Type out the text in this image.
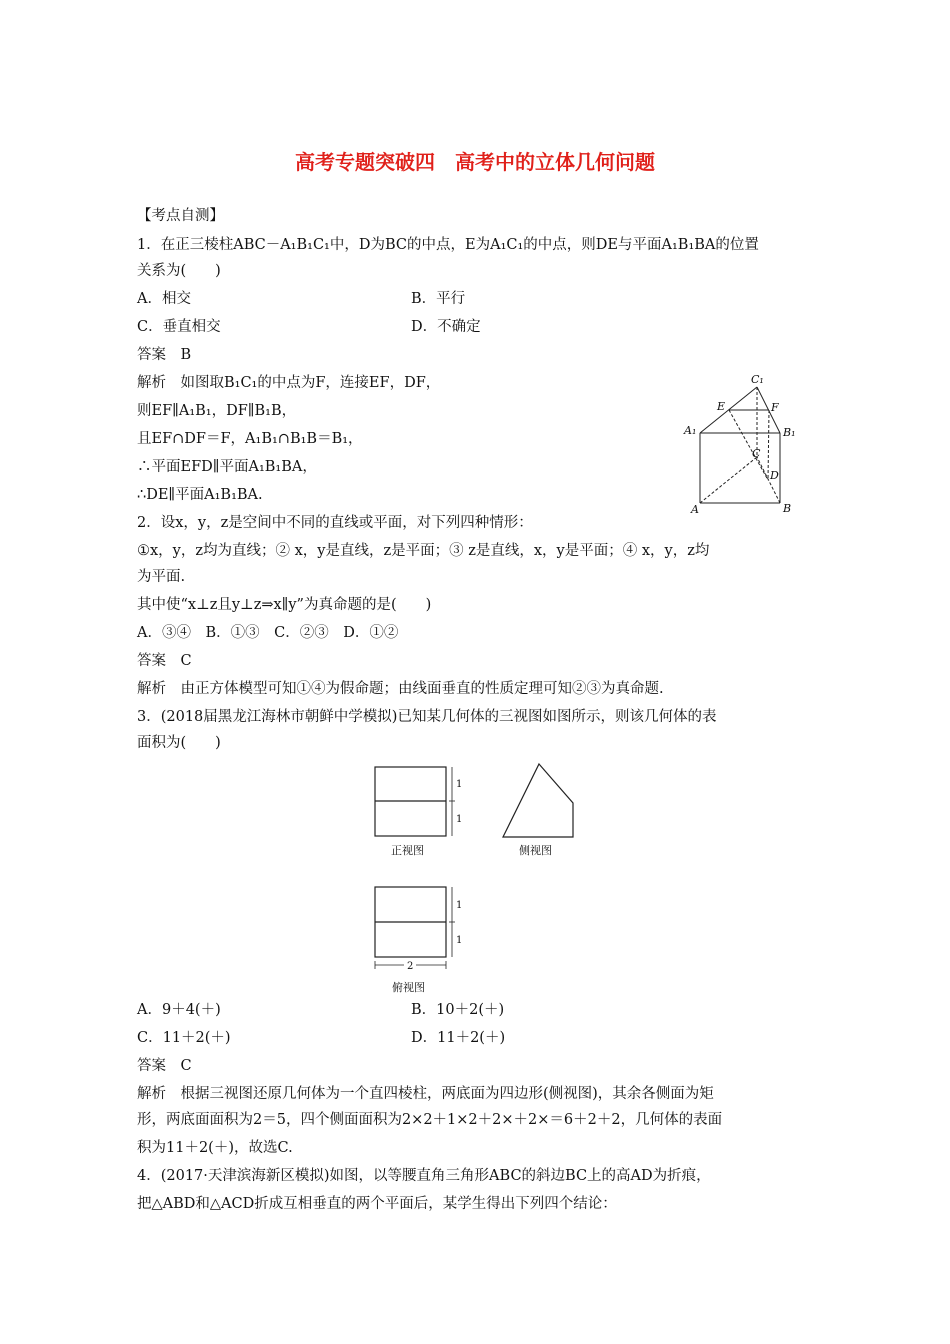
高考专题突破四　高考中的立体几何问题
【考点自测】
1．在正三棱柱ABC－A₁B₁C₁中，D为BC的中点，E为A₁C₁的中点，则DE与平面A₁B₁BA的位置
关系为(　　)
A．相交	B．平行
C．垂直相交	D．不确定
答案　B
解析　如图取B₁C₁的中点为F，连接EF，DF，
则EF∥A₁B₁，DF∥B₁B，
且EF∩DF＝F，A₁B₁∩B₁B＝B₁，
∴平面EFD∥平面A₁B₁BA，
∴DE∥平面A₁B₁BA.
C₁
E	F
A₁	B₁
C
D
A	B
2．设x，y，z是空间中不同的直线或平面，对下列四种情形：
①x，y，z均为直线；② x，y是直线，z是平面；③ z是直线，x，y是平面；④ x，y，z均
为平面.
其中使“x⊥z且y⊥z⇒x∥y”为真命题的是(　　)
A．③④　B．①③　C．②③　D．①②
答案　C
解析　由正方体模型可知①④为假命题；由线面垂直的性质定理可知②③为真命题.
3．(2018届黑龙江海林市朝鲜中学模拟)已知某几何体的三视图如图所示，则该几何体的表
面积为(　　)
1
1
正视图	侧视图
1
1
2
俯视图
A．9＋4(＋)	B．10＋2(＋)
C．11＋2(＋)	D．11＋2(＋)
答案　C
解析　根据三视图还原几何体为一个直四棱柱，两底面为四边形(侧视图)，其余各侧面为矩
形，两底面面积为2＝5，四个侧面面积为2×2＋1×2＋2×＋2×＝6＋2＋2，几何体的表面
积为11＋2(＋)，故选C.
4．(2017·天津滨海新区模拟)如图，以等腰直角三角形ABC的斜边BC上的高AD为折痕，
把△ABD和△ACD折成互相垂直的两个平面后，某学生得出下列四个结论：
